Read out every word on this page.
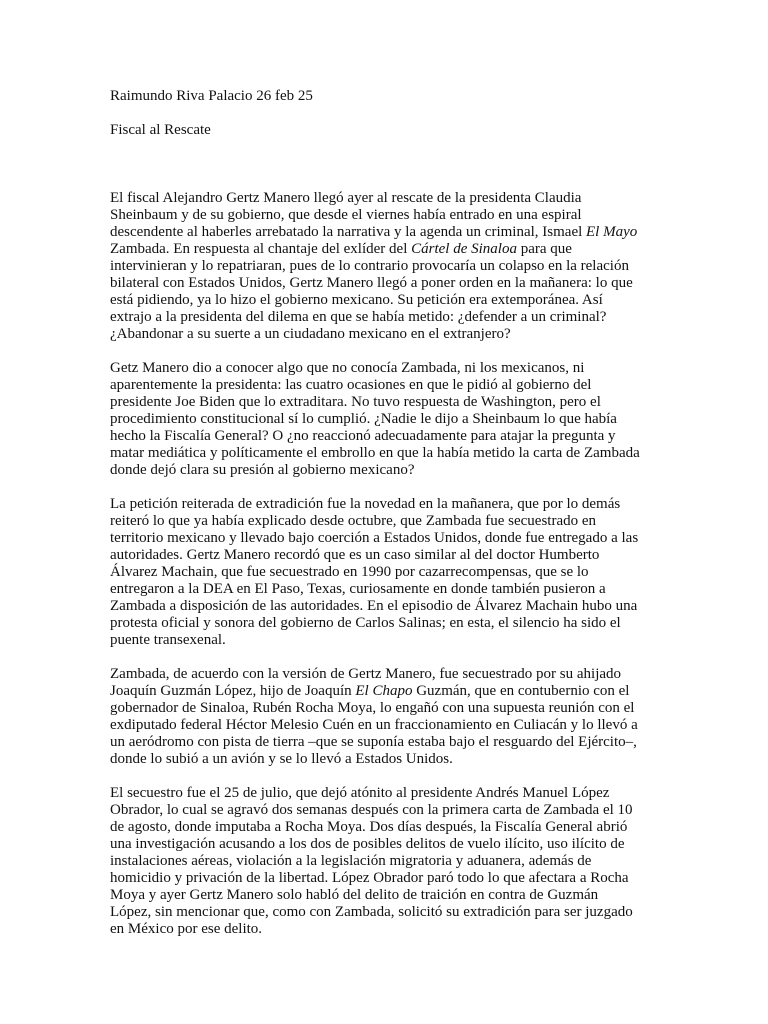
Raimundo Riva Palacio 26 feb 25

Fiscal al Rescate

El fiscal Alejandro Gertz Manero llegó ayer al rescate de la presidenta Claudia

Sheinbaum y de su gobierno, que desde el viernes había entrado en una espiral

descendente al haberles arrebatado la narrativa y la agenda un criminal, Ismael El Mayo

Zambada. En respuesta al chantaje del exlíder del Cártel de Sinaloa para que

intervinieran y lo repatriaran, pues de lo contrario provocaría un colapso en la relación

bilateral con Estados Unidos, Gertz Manero llegó a poner orden en la mañanera: lo que

está pidiendo, ya lo hizo el gobierno mexicano. Su petición era extemporánea. Así

extrajo a la presidenta del dilema en que se había metido: ¿defender a un criminal?

¿Abandonar a su suerte a un ciudadano mexicano en el extranjero?

Getz Manero dio a conocer algo que no conocía Zambada, ni los mexicanos, ni

aparentemente la presidenta: las cuatro ocasiones en que le pidió al gobierno del

presidente Joe Biden que lo extraditara. No tuvo respuesta de Washington, pero el

procedimiento constitucional sí lo cumplió. ¿Nadie le dijo a Sheinbaum lo que había

hecho la Fiscalía General? O ¿no reaccionó adecuadamente para atajar la pregunta y

matar mediática y políticamente el embrollo en que la había metido la carta de Zambada

donde dejó clara su presión al gobierno mexicano?

La petición reiterada de extradición fue la novedad en la mañanera, que por lo demás

reiteró lo que ya había explicado desde octubre, que Zambada fue secuestrado en

territorio mexicano y llevado bajo coerción a Estados Unidos, donde fue entregado a las

autoridades. Gertz Manero recordó que es un caso similar al del doctor Humberto

Álvarez Machain, que fue secuestrado en 1990 por cazarrecompensas, que se lo

entregaron a la DEA en El Paso, Texas, curiosamente en donde también pusieron a

Zambada a disposición de las autoridades. En el episodio de Álvarez Machain hubo una

protesta oficial y sonora del gobierno de Carlos Salinas; en esta, el silencio ha sido el

puente transexenal.

Zambada, de acuerdo con la versión de Gertz Manero, fue secuestrado por su ahijado

Joaquín Guzmán López, hijo de Joaquín El Chapo Guzmán, que en contubernio con el

gobernador de Sinaloa, Rubén Rocha Moya, lo engañó con una supuesta reunión con el

exdiputado federal Héctor Melesio Cuén en un fraccionamiento en Culiacán y lo llevó a

un aeródromo con pista de tierra –que se suponía estaba bajo el resguardo del Ejército–,

donde lo subió a un avión y se lo llevó a Estados Unidos.

El secuestro fue el 25 de julio, que dejó atónito al presidente Andrés Manuel López

Obrador, lo cual se agravó dos semanas después con la primera carta de Zambada el 10

de agosto, donde imputaba a Rocha Moya. Dos días después, la Fiscalía General abrió

una investigación acusando a los dos de posibles delitos de vuelo ilícito, uso ilícito de

instalaciones aéreas, violación a la legislación migratoria y aduanera, además de

homicidio y privación de la libertad. López Obrador paró todo lo que afectara a Rocha

Moya y ayer Gertz Manero solo habló del delito de traición en contra de Guzmán

López, sin mencionar que, como con Zambada, solicitó su extradición para ser juzgado

en México por ese delito.
